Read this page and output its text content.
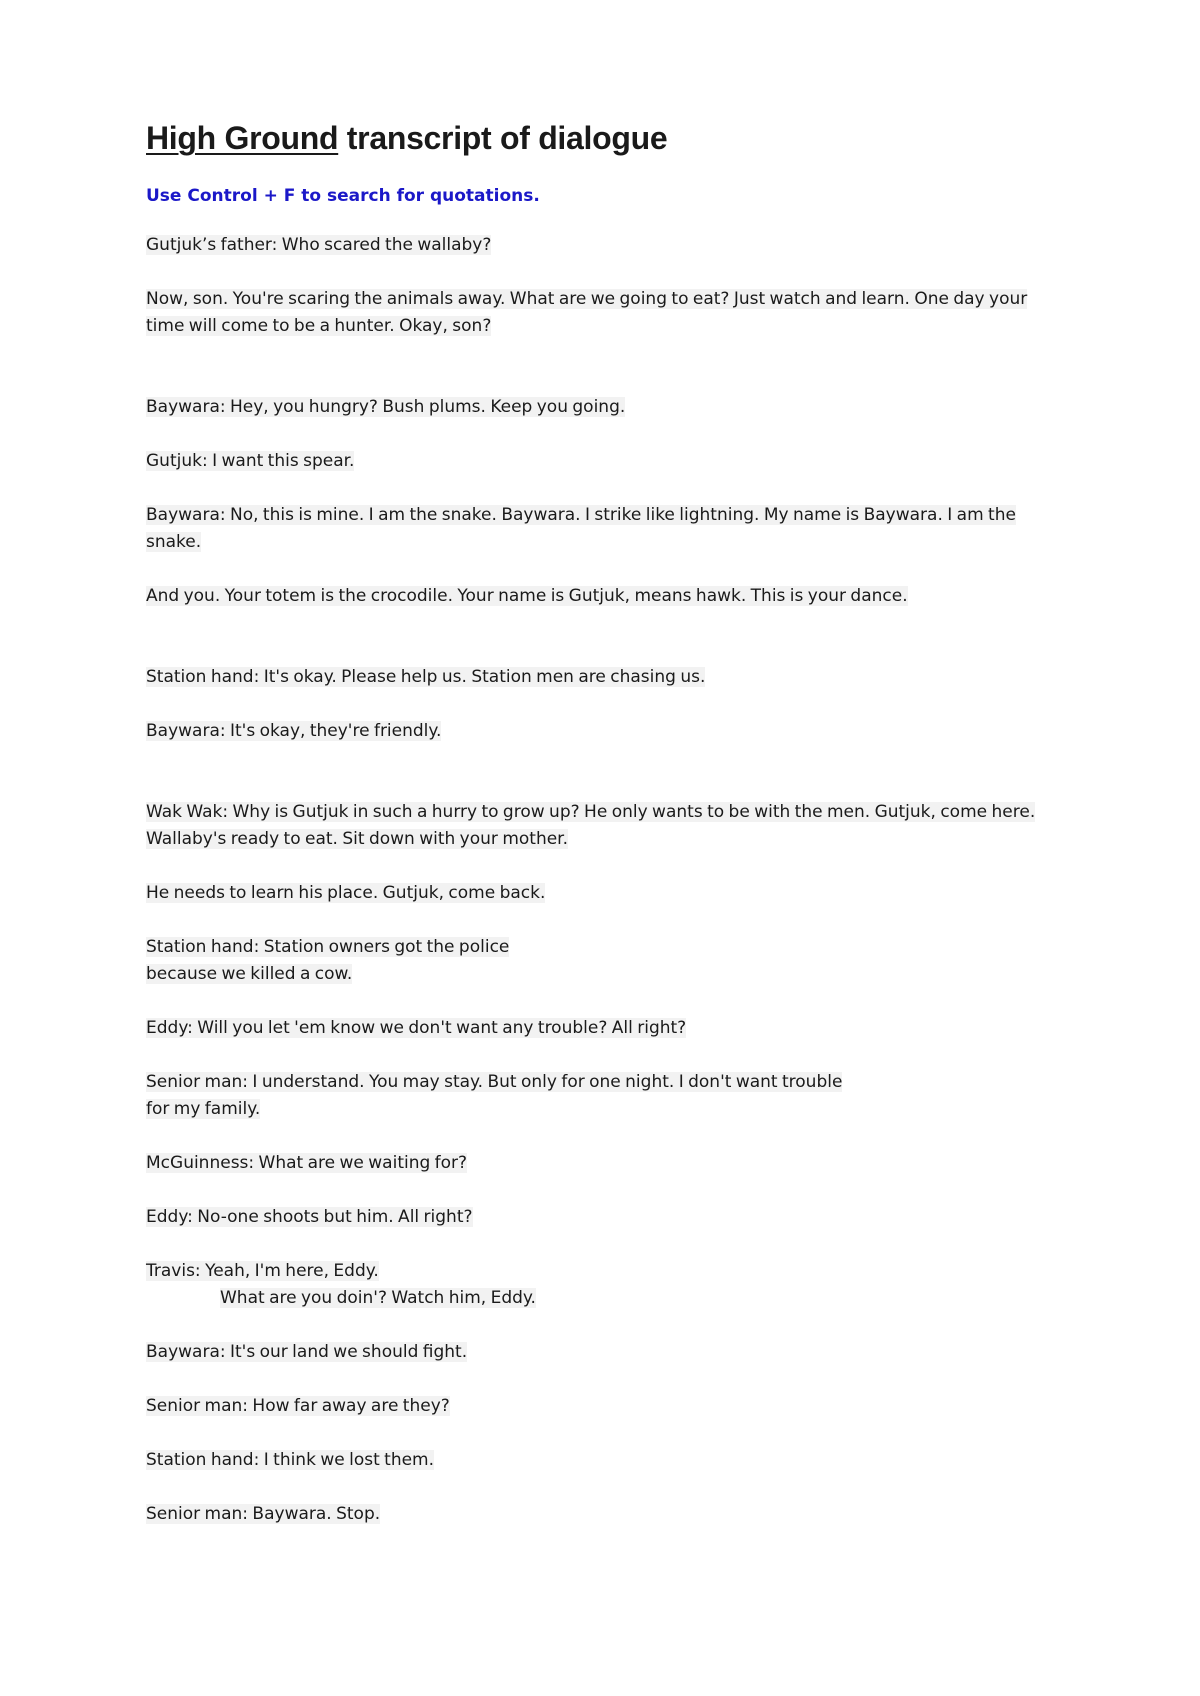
High Ground transcript of dialogue

Use Control + F to search for quotations.

Gutjuk’s father: Who scared the wallaby?

Now, son. You're scaring the animals away. What are we going to eat? Just watch and learn. One day your time will come to be a hunter. Okay, son?

Baywara: Hey, you hungry? Bush plums. Keep you going.

Gutjuk: I want this spear.

Baywara: No, this is mine. I am the snake. Baywara. I strike like lightning. My name is Baywara. I am the snake.

And you. Your totem is the crocodile. Your name is Gutjuk, means hawk. This is your dance.

Station hand: It's okay. Please help us. Station men are chasing us.

Baywara: It's okay, they're friendly.

Wak Wak: Why is Gutjuk in such a hurry to grow up? He only wants to be with the men. Gutjuk, come here. Wallaby's ready to eat. Sit down with your mother.

He needs to learn his place. Gutjuk, come back.

Station hand: Station owners got the police
because we killed a cow.

Eddy: Will you let 'em know we don't want any trouble? All right?

Senior man: I understand. You may stay. But only for one night. I don't want trouble
for my family.

McGuinness: What are we waiting for?

Eddy: No-one shoots but him. All right?

Travis: Yeah, I'm here, Eddy.
What are you doin'? Watch him, Eddy.

Baywara: It's our land we should fight.

Senior man: How far away are they?

Station hand: I think we lost them.

Senior man: Baywara. Stop.
